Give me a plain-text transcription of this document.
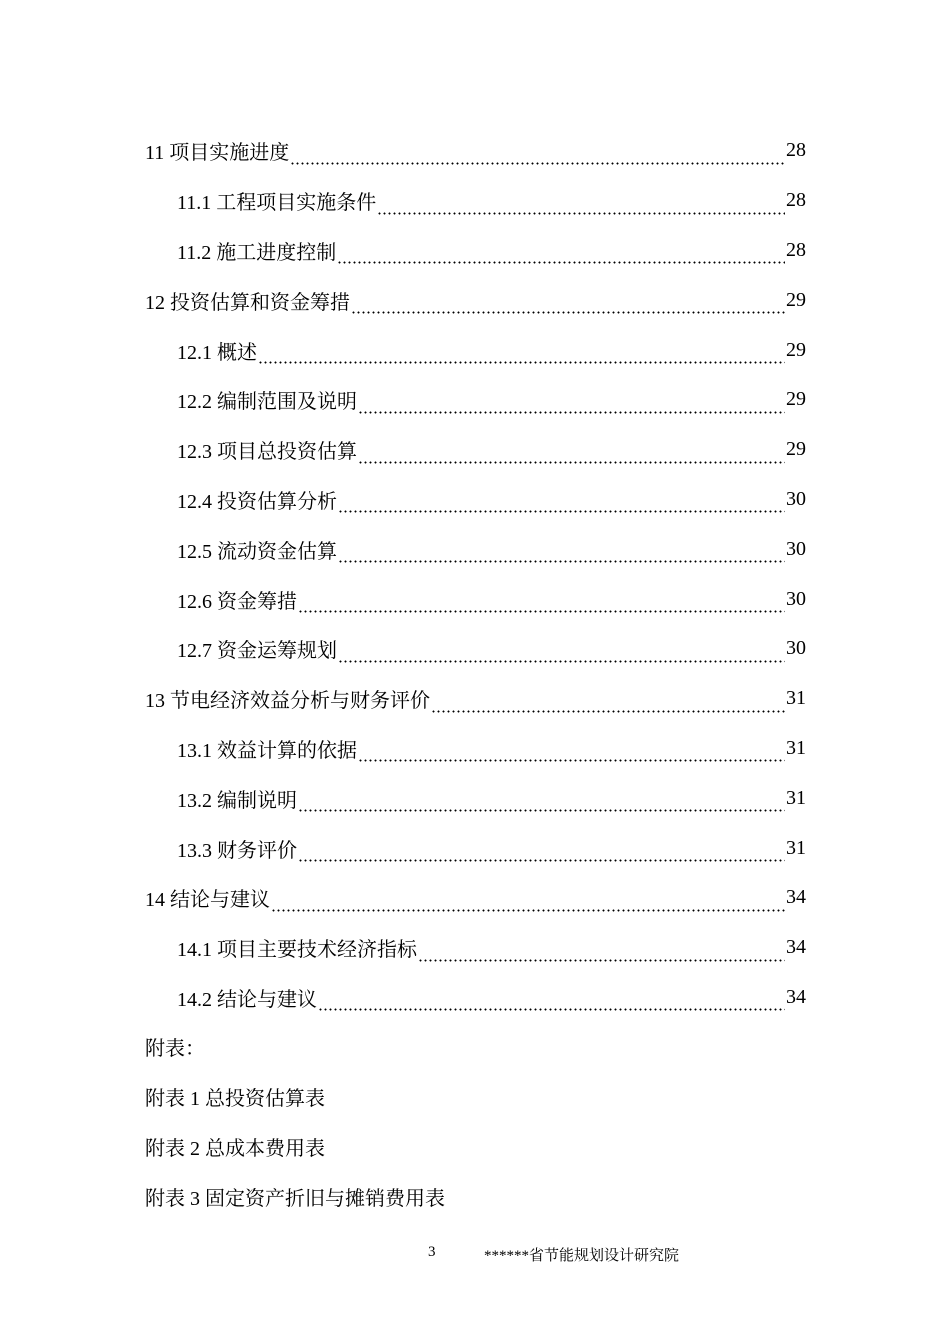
11 项目实施进度	28
11.1 工程项目实施条件	28
11.2 施工进度控制	28
12 投资估算和资金筹措	29
12.1 概述	29
12.2 编制范围及说明	29
12.3 项目总投资估算	29
12.4 投资估算分析	30
12.5 流动资金估算	30
12.6 资金筹措	30
12.7 资金运筹规划	30
13 节电经济效益分析与财务评价	31
13.1 效益计算的依据	31
13.2 编制说明	31
13.3 财务评价	31
14 结论与建议	34
14.1 项目主要技术经济指标	34
14.2 结论与建议	34
附表：
附表 1 总投资估算表
附表 2 总成本费用表
附表 3 固定资产折旧与摊销费用表
3	******省节能规划设计研究院
